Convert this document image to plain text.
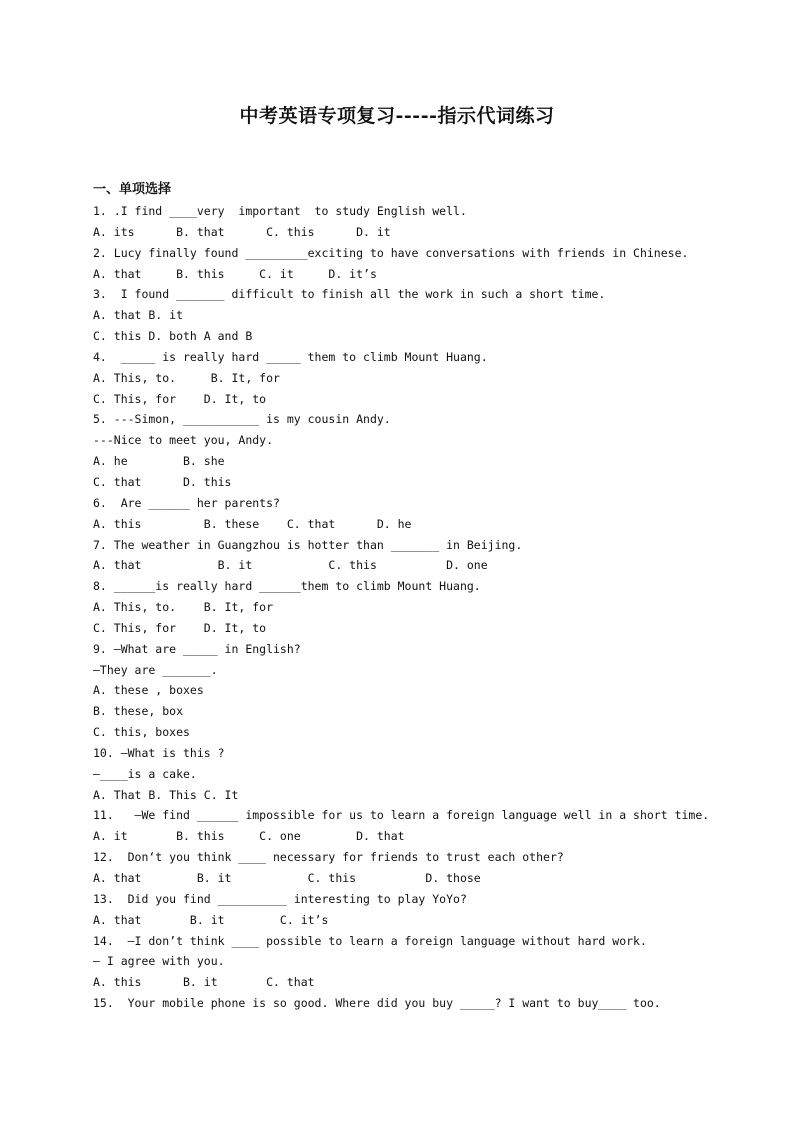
中考英语专项复习-----指示代词练习
一、单项选择
1. .I find ____very  important  to study English well.
A. its      B. that      C. this      D. it
2. Lucy finally found _________exciting to have conversations with friends in Chinese.
A. that     B. this     C. it     D. it’s
3.  I found _______ difficult to finish all the work in such a short time.
A. that B. it
C. this D. both A and B
4.  _____ is really hard _____ them to climb Mount Huang.
A. This, to.     B. It, for
C. This, for    D. It, to
5. ---Simon, ___________ is my cousin Andy.
---Nice to meet you, Andy.
A. he        B. she
C. that      D. this
6.  Are ______ her parents?
A. this         B. these    C. that      D. he
7. The weather in Guangzhou is hotter than _______ in Beijing.
A. that           B. it           C. this          D. one
8. ______is really hard ______them to climb Mount Huang.
A. This, to.    B. It, for
C. This, for    D. It, to
9. —What are _____ in English?
—They are _______.
A. these , boxes
B. these, box
C. this, boxes
10. —What is this ?
—____is a cake.
A. That B. This C. It
11.   —We find ______ impossible for us to learn a foreign language well in a short time.
A. it       B. this     C. one        D. that
12.  Don‘t you think ____ necessary for friends to trust each other?
A. that        B. it           C. this          D. those
13.  Did you find __________ interesting to play YoYo?
A. that       B. it        C. it’s
14.  —I don’t think ____ possible to learn a foreign language without hard work.
— I agree with you.
A. this      B. it       C. that
15.  Your mobile phone is so good. Where did you buy _____? I want to buy____ too.
